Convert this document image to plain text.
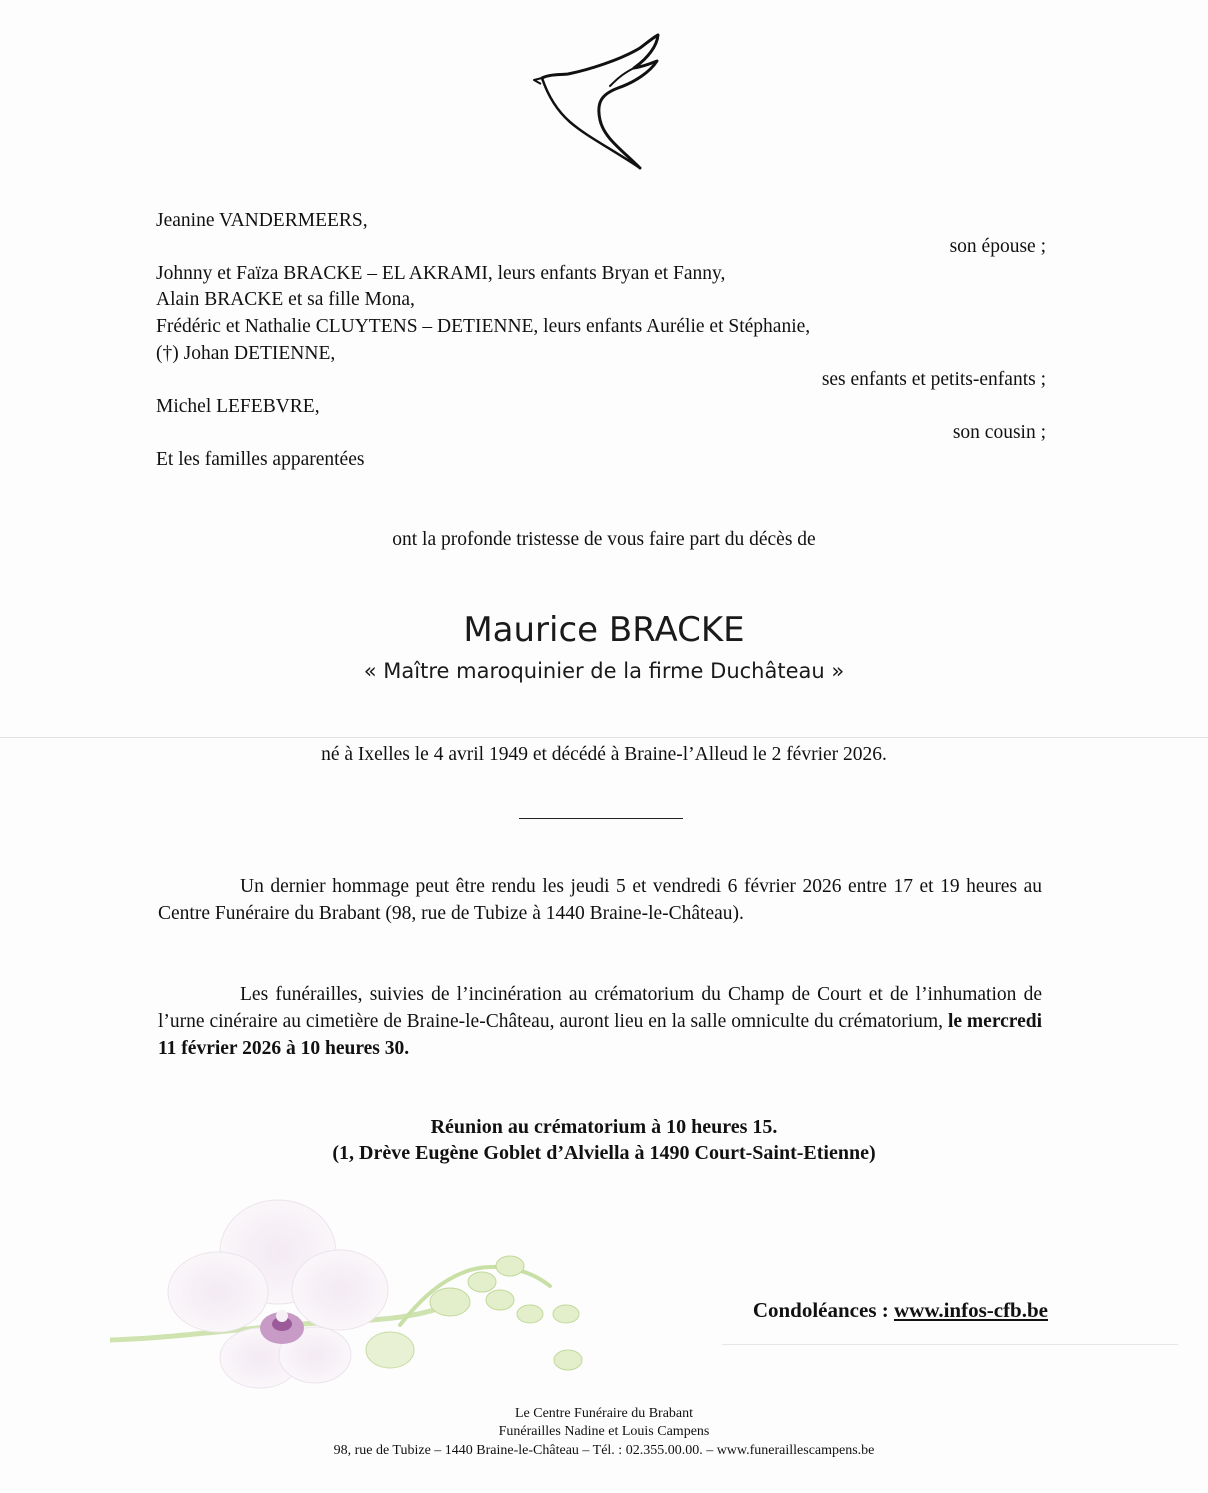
Jeanine VANDERMEERS,
son épouse ;
Johnny et Faïza BRACKE – EL AKRAMI, leurs enfants Bryan et Fanny,
Alain BRACKE et sa fille Mona,
Frédéric et Nathalie CLUYTENS – DETIENNE, leurs enfants Aurélie et Stéphanie,
(†) Johan DETIENNE,
ses enfants et petits-enfants ;
Michel LEFEBVRE,
son cousin ;
Et les familles apparentées
ont la profonde tristesse de vous faire part du décès de
Maurice BRACKE
« Maître maroquinier de la firme Duchâteau »
né à Ixelles le 4 avril 1949 et décédé à Braine-l’Alleud le 2 février 2026.
Un dernier hommage peut être rendu les jeudi 5 et vendredi 6 février 2026 entre 17 et 19 heures au Centre Funéraire du Brabant (98, rue de Tubize à 1440 Braine-le-Château).
Les funérailles, suivies de l’incinération au crématorium du Champ de Court et de l’inhumation de l’urne cinéraire au cimetière de Braine-le-Château, auront lieu en la salle omniculte du crématorium, le mercredi 11 février 2026 à 10 heures 30.
Réunion au crématorium à 10 heures 15.
(1, Drève Eugène Goblet d’Alviella à 1490 Court-Saint-Etienne)
Condoléances : www.infos-cfb.be
Le Centre Funéraire du Brabant
Funérailles Nadine et Louis Campens
98, rue de Tubize – 1440 Braine-le-Château – Tél. : 02.355.00.00. – www.funeraillescampens.be
